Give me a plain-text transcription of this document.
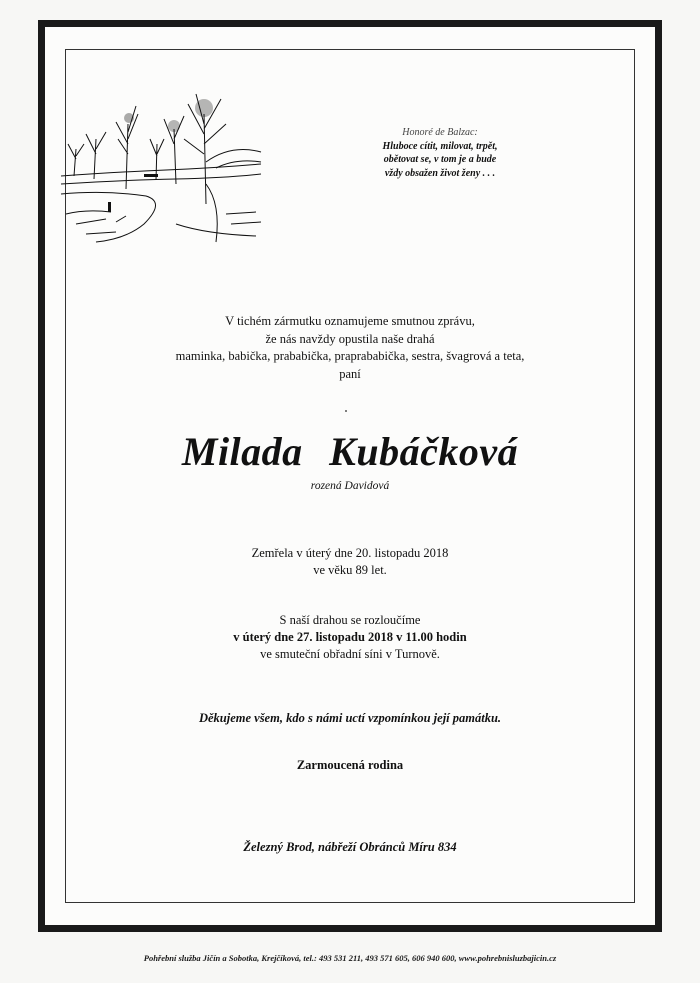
Honoré de Balzac:
Hluboce cítit, milovat, trpět,
obětovat se, v tom je a bude
vždy obsažen život ženy . . .
V tichém zármutku oznamujeme smutnou zprávu,
že nás navždy opustila naše drahá
maminka, babička, prababička, praprababička, sestra, švagrová a teta,
paní
Milada Kubáčková
rozená Davidová
Zemřela v úterý dne 20. listopadu 2018
ve věku 89 let.
S naší drahou se rozloučíme
v úterý dne 27. listopadu 2018 v 11.00 hodin
ve smuteční obřadní síni v Turnově.
Děkujeme všem, kdo s námi uctí vzpomínkou její památku.
Zarmoucená rodina
Železný Brod, nábřeží Obránců Míru 834
Pohřební služba Jičín a Sobotka, Krejčíková, tel.: 493 531 211, 493 571 605, 606 940 600, www.pohrebnisluzbajicin.cz
